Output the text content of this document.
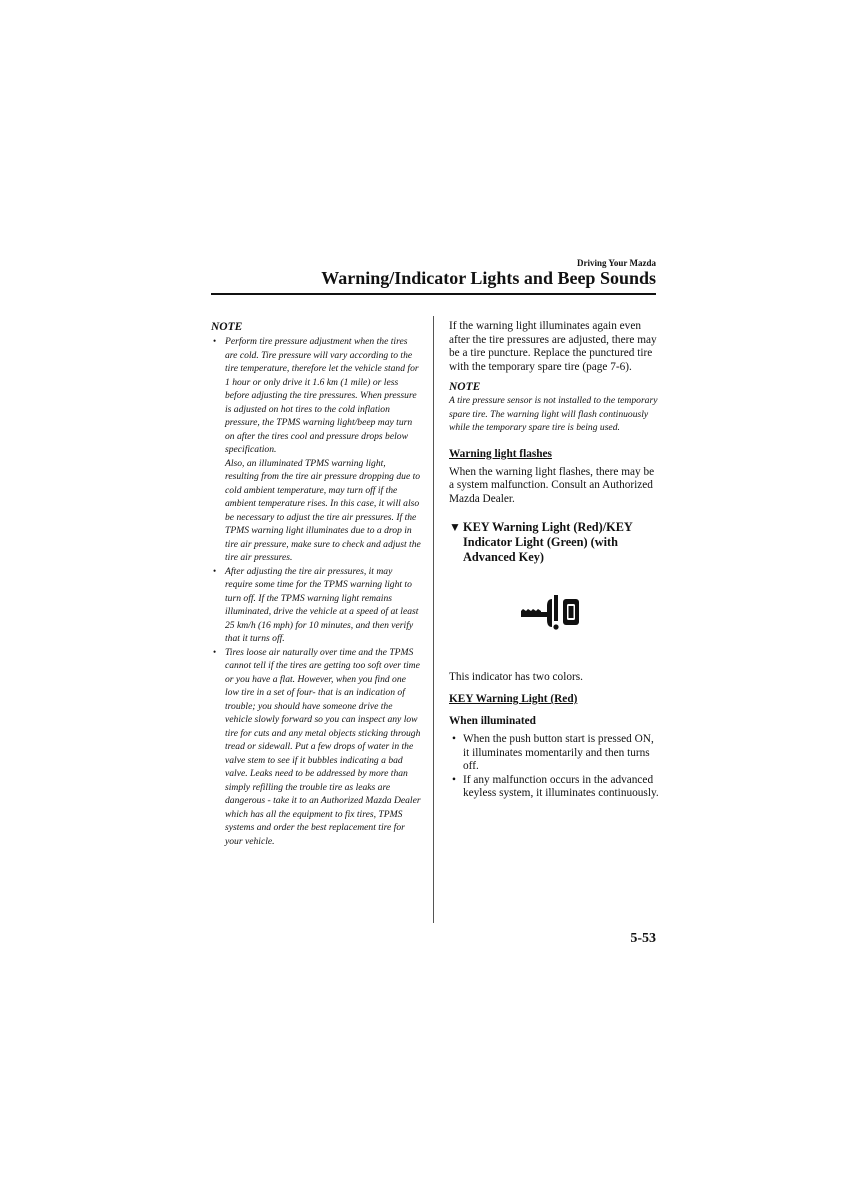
Driving Your Mazda
Warning/Indicator Lights and Beep Sounds
NOTE

• Perform tire pressure adjustment when the tires are cold. Tire pressure will vary according to the tire temperature, therefore let the vehicle stand for 1 hour or only drive it 1.6 km (1 mile) or less before adjusting the tire pressures. When pressure is adjusted on hot tires to the cold inflation pressure, the TPMS warning light/beep may turn on after the tires cool and pressure drops below specification.

Also, an illuminated TPMS warning light, resulting from the tire air pressure dropping due to cold ambient temperature, may turn off if the ambient temperature rises. In this case, it will also be necessary to adjust the tire air pressures. If the TPMS warning light illuminates due to a drop in tire air pressure, make sure to check and adjust the tire air pressures.

• After adjusting the tire air pressures, it may require some time for the TPMS warning light to turn off. If the TPMS warning light remains illuminated, drive the vehicle at a speed of at least 25 km/h (16 mph) for 10 minutes, and then verify that it turns off.

• Tires loose air naturally over time and the TPMS cannot tell if the tires are getting too soft over time or you have a flat. However, when you find one low tire in a set of four- that is an indication of trouble; you should have someone drive the vehicle slowly forward so you can inspect any low tire for cuts and any metal objects sticking through tread or sidewall. Put a few drops of water in the valve stem to see if it bubbles indicating a bad valve. Leaks need to be addressed by more than simply refilling the trouble tire as leaks are dangerous - take it to an Authorized Mazda Dealer which has all the equipment to fix tires, TPMS systems and order the best replacement tire for your vehicle.

If the warning light illuminates again even after the tire pressures are adjusted, there may be a tire puncture. Replace the punctured tire with the temporary spare tire (page 7-6).

NOTE

A tire pressure sensor is not installed to the temporary spare tire. The warning light will flash continuously while the temporary spare tire is being used.

Warning light flashes

When the warning light flashes, there may be a system malfunction. Consult an Authorized Mazda Dealer.

▼ KEY Warning Light (Red)/KEY Indicator Light (Green) (with Advanced Key)

This indicator has two colors.

KEY Warning Light (Red)
When illuminated
• When the push button start is pressed ON, it illuminates momentarily and then turns off.
• If any malfunction occurs in the advanced keyless system, it illuminates continuously.
5-53
